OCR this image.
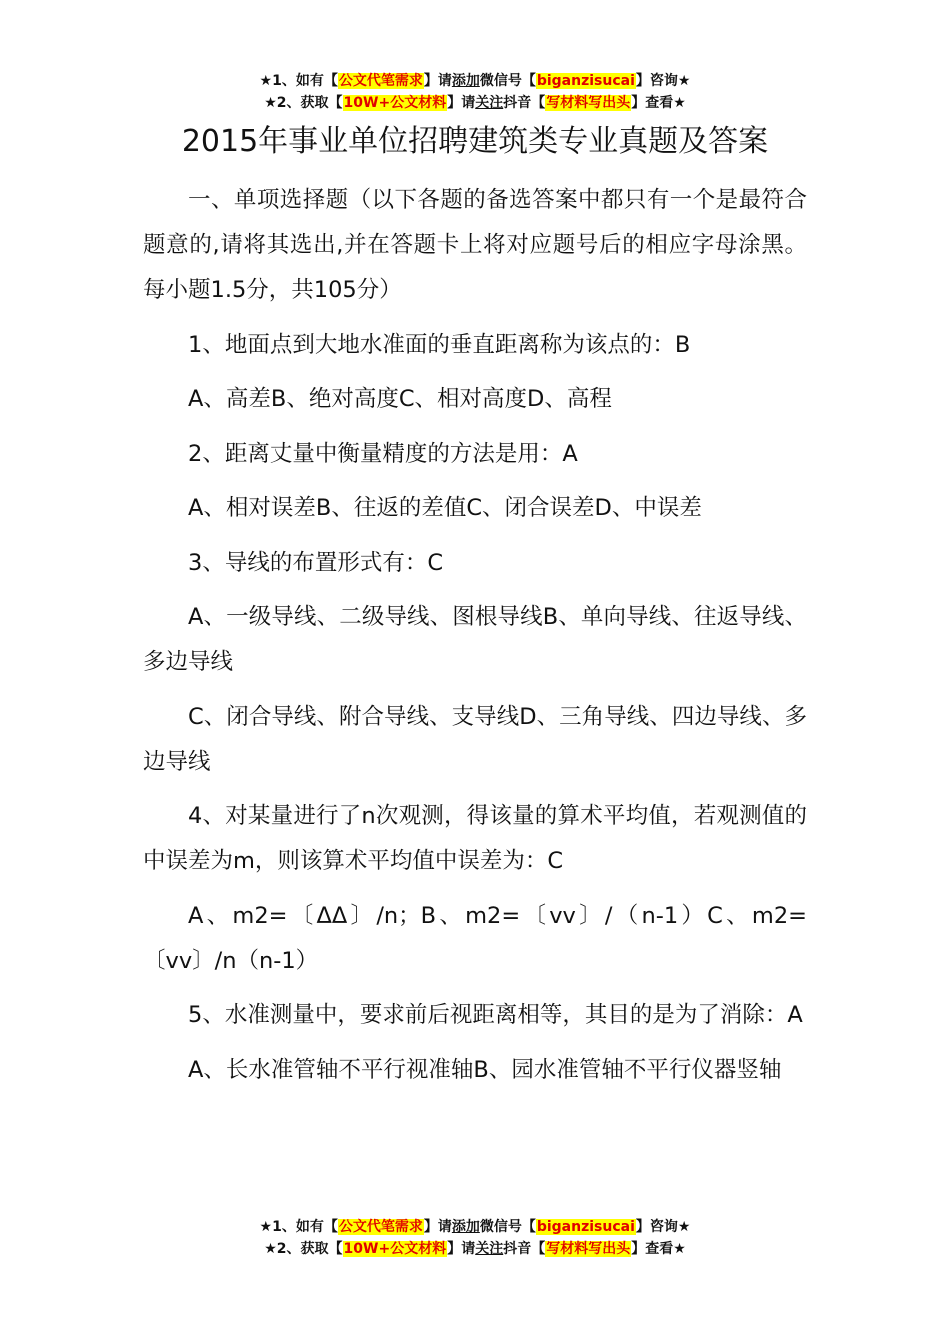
★1、如有【公文代笔需求】请添加微信号【biganzisucai】咨询★
★2、获取【10W+公文材料】请关注抖音【写材料写出头】查看★
2015年事业单位招聘建筑类专业真题及答案

一、单项选择题（以下各题的备选答案中都只有一个是最符合题意的,请将其选出,并在答题卡上将对应题号后的相应字母涂黑。每小题1.5分，共105分）

1、地面点到大地水准面的垂直距离称为该点的：B

A、高差B、绝对高度C、相对高度D、高程

2、距离丈量中衡量精度的方法是用：A

A、相对误差B、往返的差值C、闭合误差D、中误差

3、导线的布置形式有：C

A、一级导线、二级导线、图根导线B、单向导线、往返导线、多边导线

C、闭合导线、附合导线、支导线D、三角导线、四边导线、多边导线

4、对某量进行了n次观测，得该量的算术平均值，若观测值的中误差为m，则该算术平均值中误差为：C

A、m2=〔ΔΔ〕/n；B、m2=〔vv〕/（n-1）C、m2=〔vv〕/n（n-1）

5、水准测量中，要求前后视距离相等，其目的是为了消除：A

A、长水准管轴不平行视准轴B、园水准管轴不平行仪器竖轴

★1、如有【公文代笔需求】请添加微信号【biganzisucai】咨询★
★2、获取【10W+公文材料】请关注抖音【写材料写出头】查看★
